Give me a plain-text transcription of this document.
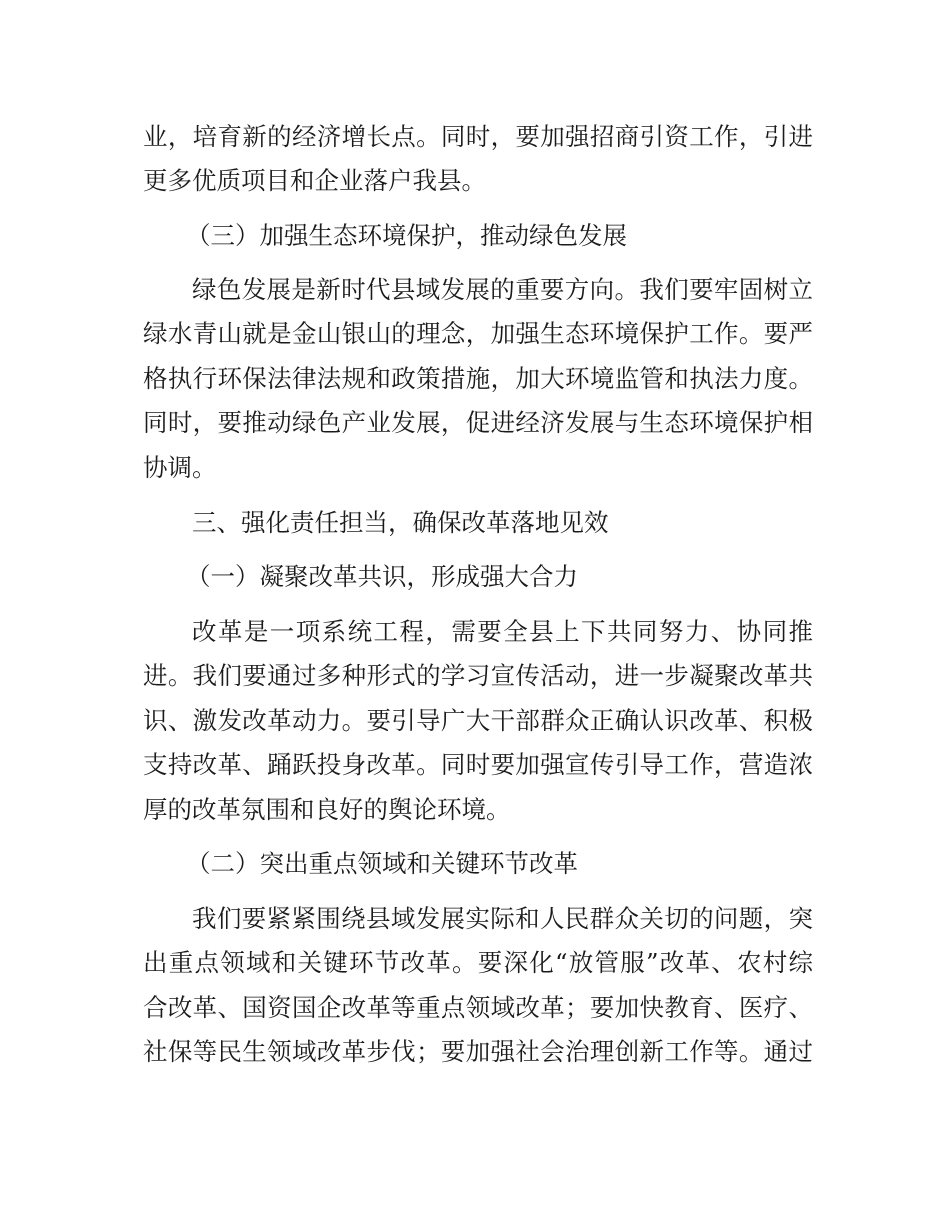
业，培育新的经济增长点。同时，要加强招商引资工作，引进
更多优质项目和企业落户我县。
（三）加强生态环境保护，推动绿色发展
绿色发展是新时代县域发展的重要方向。我们要牢固树立
绿水青山就是金山银山的理念，加强生态环境保护工作。要严
格执行环保法律法规和政策措施，加大环境监管和执法力度。
同时，要推动绿色产业发展，促进经济发展与生态环境保护相
协调。
三、强化责任担当，确保改革落地见效
（一）凝聚改革共识，形成强大合力
改革是一项系统工程，需要全县上下共同努力、协同推
进。我们要通过多种形式的学习宣传活动，进一步凝聚改革共
识、激发改革动力。要引导广大干部群众正确认识改革、积极
支持改革、踊跃投身改革。同时要加强宣传引导工作，营造浓
厚的改革氛围和良好的舆论环境。
（二）突出重点领域和关键环节改革
我们要紧紧围绕县域发展实际和人民群众关切的问题，突
出重点领域和关键环节改革。要深化“放管服”改革、农村综
合改革、国资国企改革等重点领域改革；要加快教育、医疗、
社保等民生领域改革步伐；要加强社会治理创新工作等。通过
